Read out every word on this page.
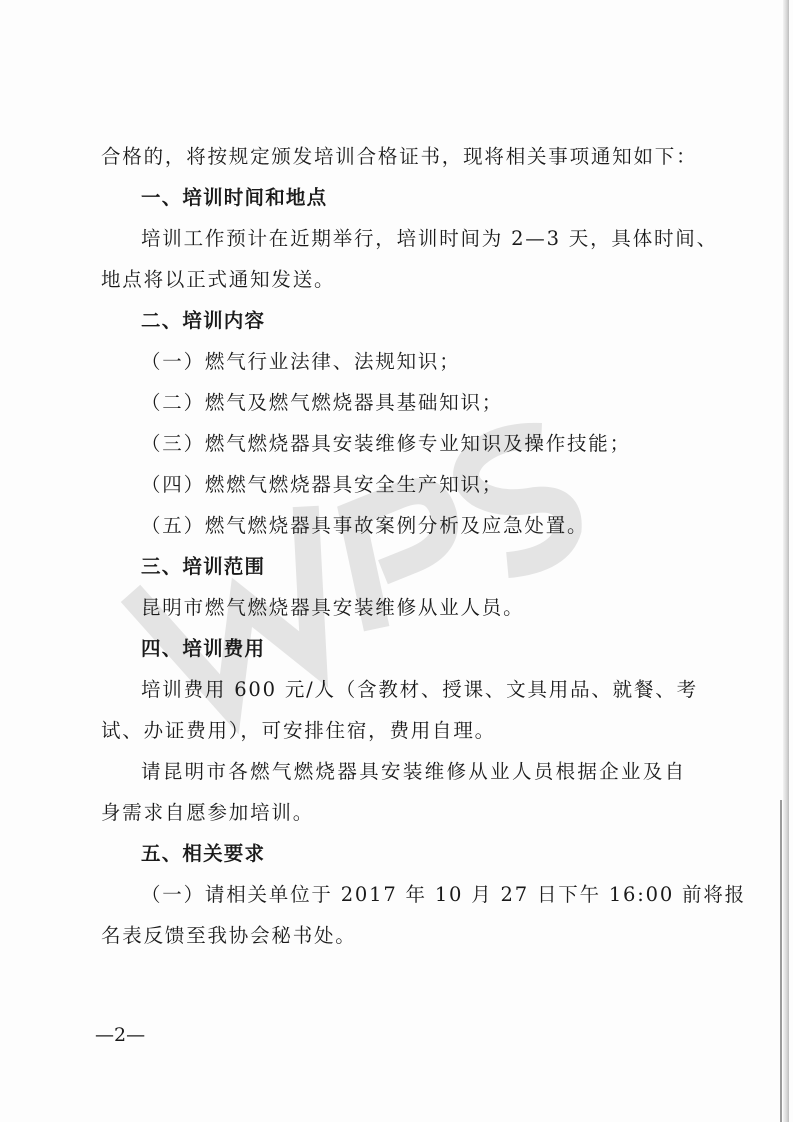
WPS
合格的，将按规定颁发培训合格证书，现将相关事项通知如下：
一、培训时间和地点
培训工作预计在近期举行，培训时间为 2—3 天，具体时间、
地点将以正式通知发送。
二、培训内容
（一）燃气行业法律、法规知识；
（二）燃气及燃气燃烧器具基础知识；
（三）燃气燃烧器具安装维修专业知识及操作技能；
（四）燃燃气燃烧器具安全生产知识；
（五）燃气燃烧器具事故案例分析及应急处置。
三、培训范围
昆明市燃气燃烧器具安装维修从业人员。
四、培训费用
培训费用 600 元/人（含教材、授课、文具用品、就餐、考
试、办证费用），可安排住宿，费用自理。
请昆明市各燃气燃烧器具安装维修从业人员根据企业及自
身需求自愿参加培训。
五、相关要求
（一）请相关单位于 2017 年 10 月 27 日下午 16:00 前将报
名表反馈至我协会秘书处。
—2—
